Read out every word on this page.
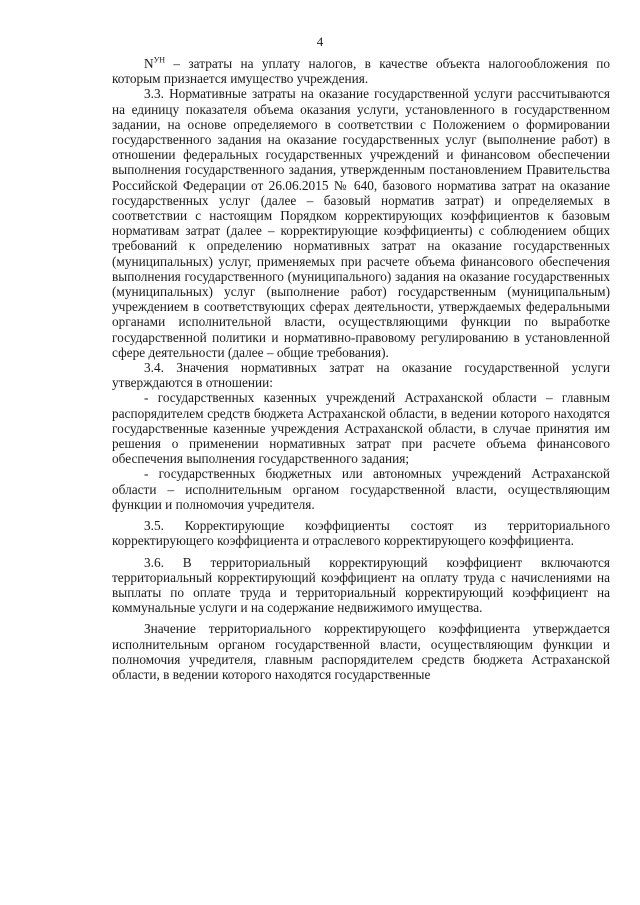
4

$N^{УН}$ – затраты на уплату налогов, в качестве объекта налогообложения по которым признается имущество учреждения.

3.3. Нормативные затраты на оказание государственной услуги рассчитываются на единицу показателя объема оказания услуги, установленного в государственном задании, на основе определяемого в соответствии с Положением о формировании государственного задания на оказание государственных услуг (выполнение работ) в отношении федеральных государственных учреждений и финансовом обеспечении выполнения государственного задания, утвержденным постановлением Правительства Российской Федерации от 26.06.2015 № 640, базового норматива затрат на оказание государственных услуг (далее – базовый норматив затрат) и определяемых в соответствии с настоящим Порядком корректирующих коэффициентов к базовым нормативам затрат (далее – корректирующие коэффициенты) с соблюдением общих требований к определению нормативных затрат на оказание государственных (муниципальных) услуг, применяемых при расчете объема финансового обеспечения выполнения государственного (муниципального) задания на оказание государственных (муниципальных) услуг (выполнение работ) государственным (муниципальным) учреждением в соответствующих сферах деятельности, утверждаемых федеральными органами исполнительной власти, осуществляющими функции по выработке государственной политики и нормативно-правовому регулированию в установленной сфере деятельности (далее – общие требования).

3.4. Значения нормативных затрат на оказание государственной услуги утверждаются в отношении:

- государственных казенных учреждений Астраханской области – главным распорядителем средств бюджета Астраханской области, в ведении которого находятся государственные казенные учреждения Астраханской области, в случае принятия им решения о применении нормативных затрат при расчете объема финансового обеспечения выполнения государственного задания;

- государственных бюджетных или автономных учреждений Астраханской области – исполнительным органом государственной власти, осуществляющим функции и полномочия учредителя.

3.5. Корректирующие коэффициенты состоят из территориального корректирующего коэффициента и отраслевого корректирующего коэффициента.

3.6. В территориальный корректирующий коэффициент включаются территориальный корректирующий коэффициент на оплату труда с начислениями на выплаты по оплате труда и территориальный корректирующий коэффициент на коммунальные услуги и на содержание недвижимого имущества.

Значение территориального корректирующего коэффициента утверждается исполнительным органом государственной власти, осуществляющим функции и полномочия учредителя, главным распорядителем средств бюджета Астраханской области, в ведении которого находятся государственные
